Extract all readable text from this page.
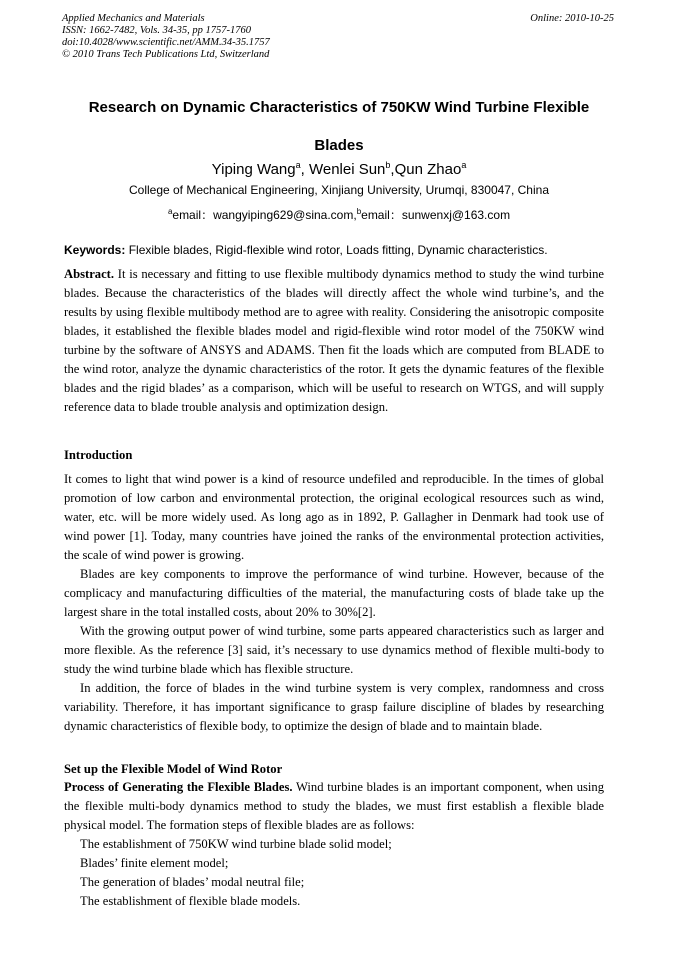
Applied Mechanics and Materials
ISSN: 1662-7482, Vols. 34-35, pp 1757-1760
doi:10.4028/www.scientific.net/AMM.34-35.1757
© 2010 Trans Tech Publications Ltd, Switzerland
Online: 2010-10-25
Research on Dynamic Characteristics of 750KW Wind Turbine Flexible
Blades
Yiping Wang$^a$, Wenlei Sun$^b$,Qun Zhao$^a$
College of Mechanical Engineering, Xinjiang University, Urumqi, 830047, China
$^a$email：wangyiping629@sina.com,$^b$email：sunwenxj@163.com
Keywords: Flexible blades, Rigid-flexible wind rotor, Loads fitting, Dynamic characteristics.
Abstract. It is necessary and fitting to use flexible multibody dynamics method to study the wind turbine blades. Because the characteristics of the blades will directly affect the whole wind turbine’s, and the results by using flexible multibody method are to agree with reality. Considering the anisotropic composite blades, it established the flexible blades model and rigid-flexible wind rotor model of the 750KW wind turbine by the software of ANSYS and ADAMS. Then fit the loads which are computed from BLADE to the wind rotor, analyze the dynamic characteristics of the rotor. It gets the dynamic features of the flexible blades and the rigid blades’ as a comparison, which will be useful to research on WTGS, and will supply reference data to blade trouble analysis and optimization design.
Introduction

It comes to light that wind power is a kind of resource undefiled and reproducible. In the times of global promotion of low carbon and environmental protection, the original ecological resources such as wind, water, etc. will be more widely used. As long ago as in 1892, P. Gallagher in Denmark had took use of wind power [1]. Today, many countries have joined the ranks of the environmental protection activities, the scale of wind power is growing.

Blades are key components to improve the performance of wind turbine. However, because of the complicacy and manufacturing difficulties of the material, the manufacturing costs of blade take up the largest share in the total installed costs, about 20% to 30%[2].

With the growing output power of wind turbine, some parts appeared characteristics such as larger and more flexible. As the reference [3] said, it’s necessary to use dynamics method of flexible multi-body to study the wind turbine blade which has flexible structure.

In addition, the force of blades in the wind turbine system is very complex, randomness and cross variability. Therefore, it has important significance to grasp failure discipline of blades by researching dynamic characteristics of flexible body, to optimize the design of blade and to maintain blade.

Set up the Flexible Model of Wind Rotor

Process of Generating the Flexible Blades. Wind turbine blades is an important component, when using the flexible multi-body dynamics method to study the blades, we must first establish a flexible blade physical model. The formation steps of flexible blades are as follows:

The establishment of 750KW wind turbine blade solid model;
Blades’ finite element model;
The generation of blades’ modal neutral file;
The establishment of flexible blade models.
